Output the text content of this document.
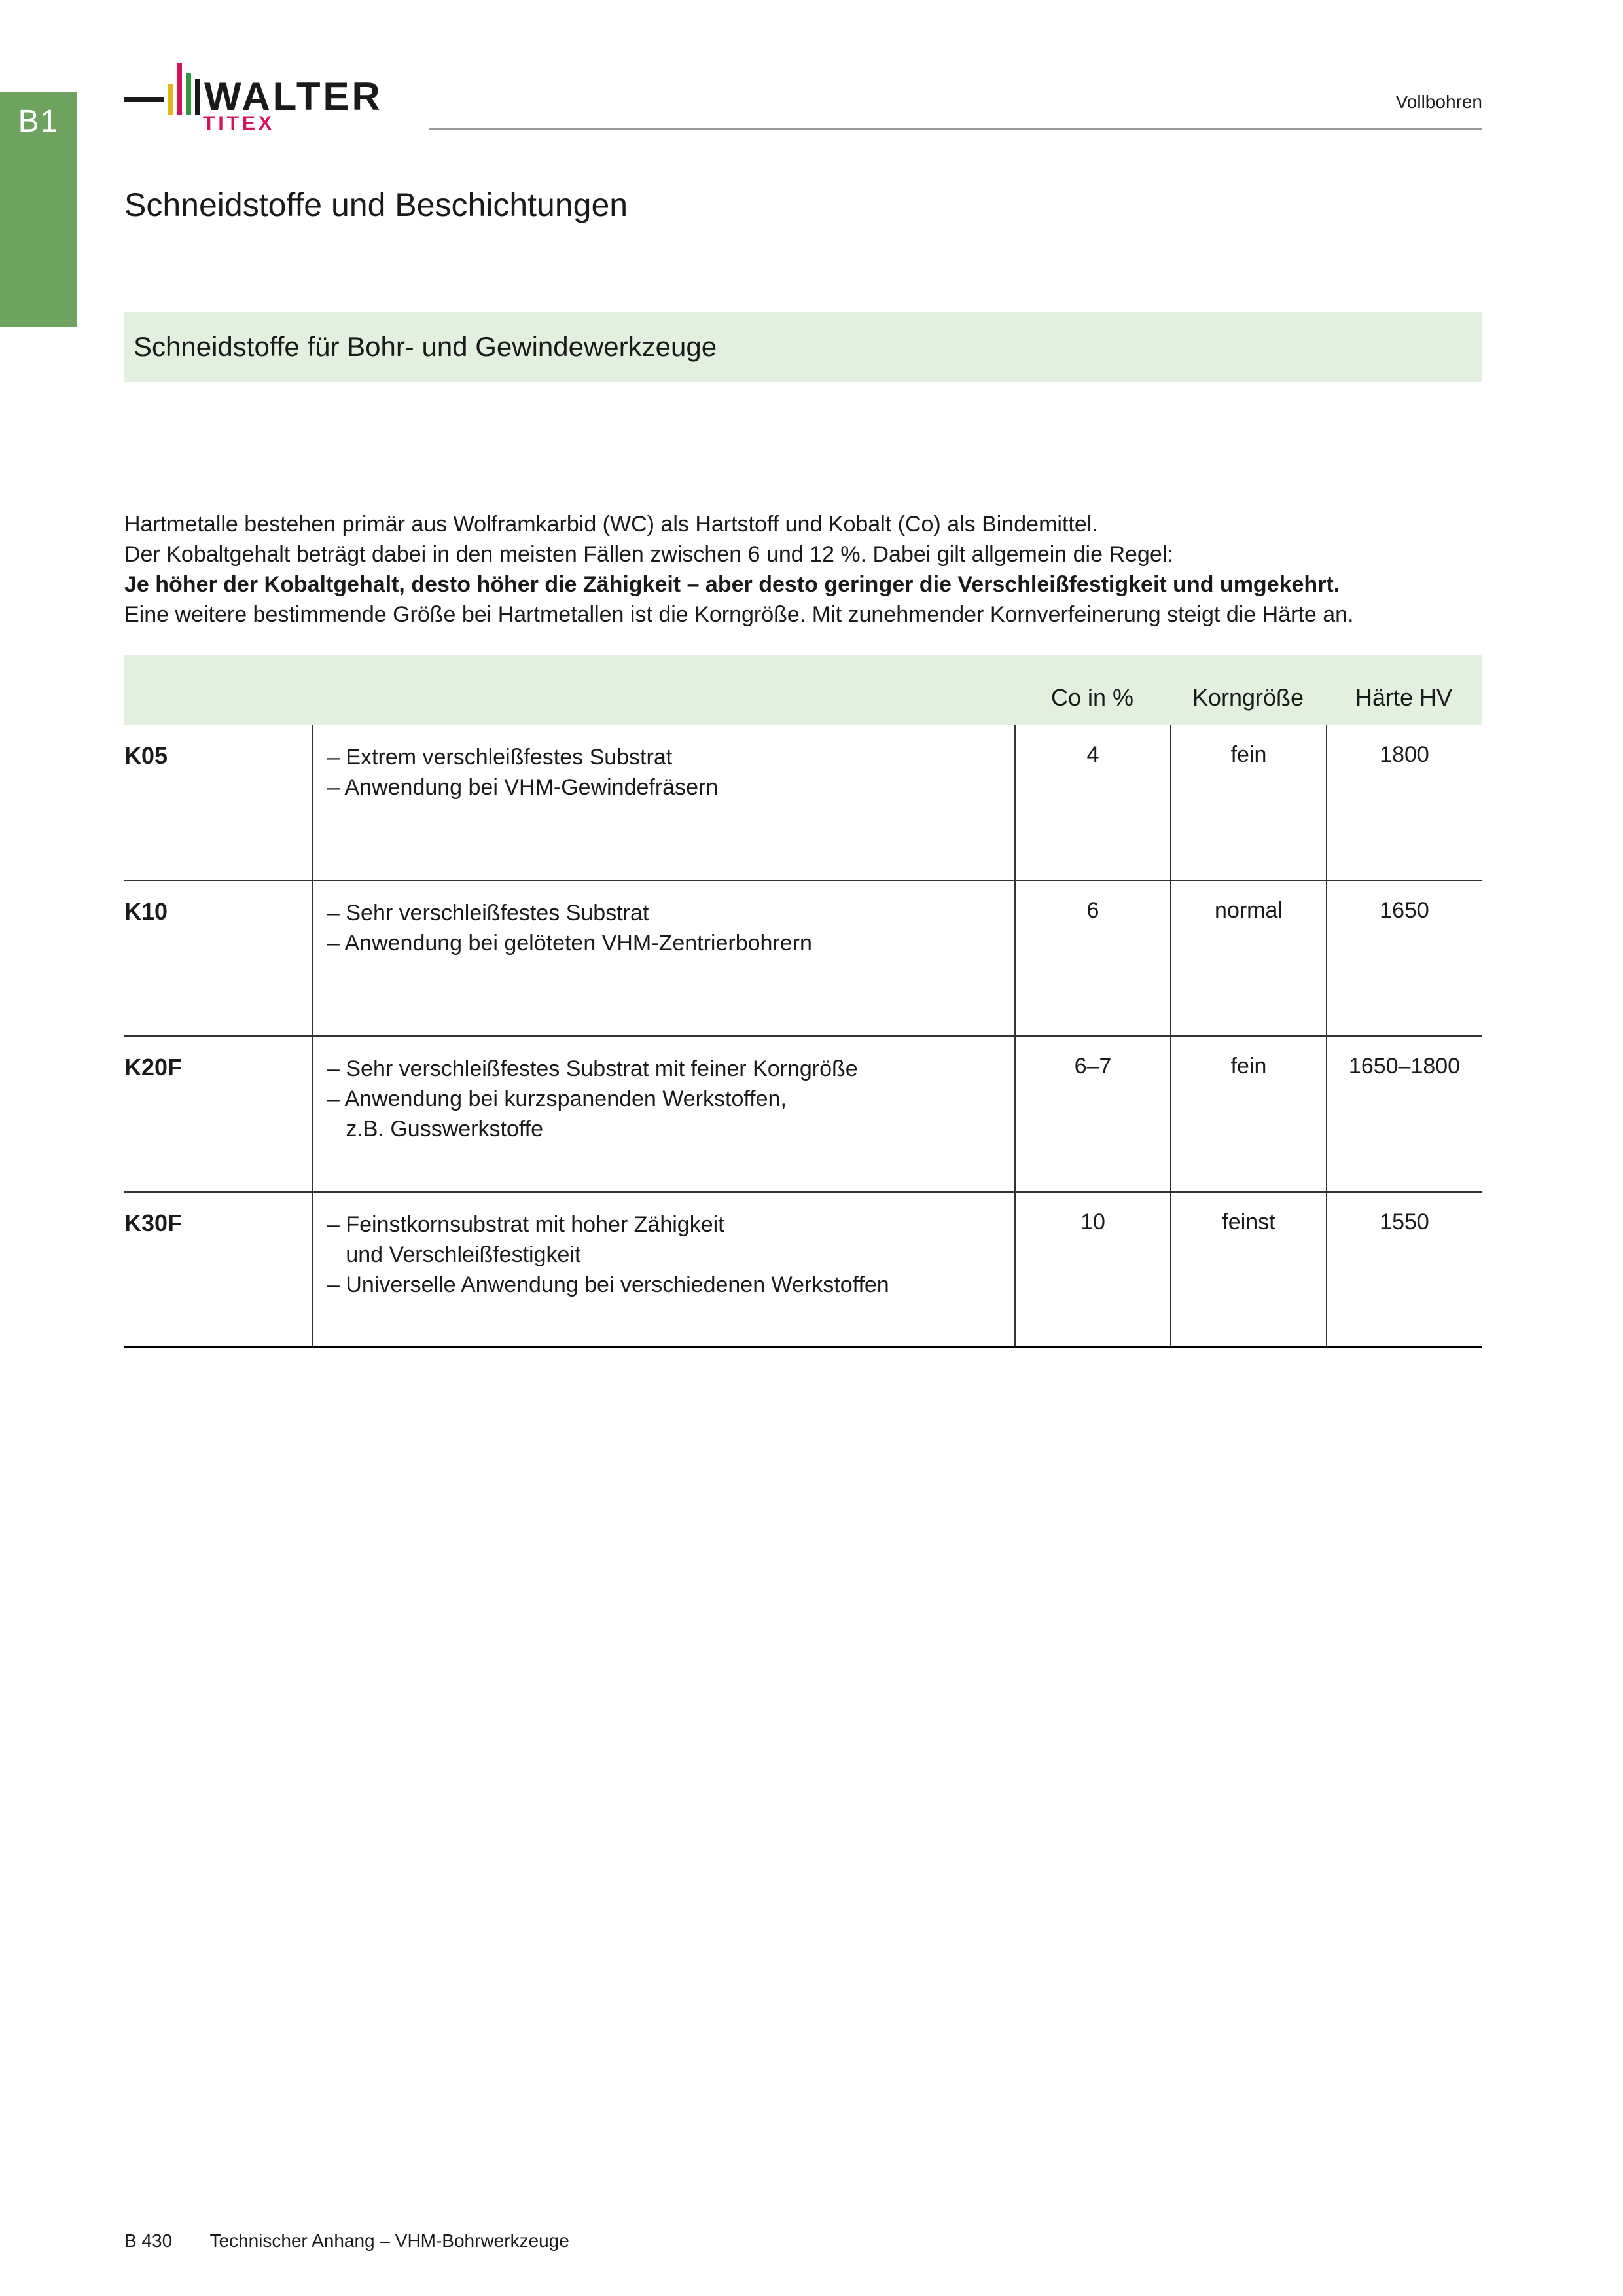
B1
WALTER
TITEX
Vollbohren
Schneidstoffe und Beschichtungen
Schneidstoffe für Bohr- und Gewindewerkzeuge

Hartmetalle bestehen primär aus Wolframkarbid (WC) als Hartstoff und Kobalt (Co) als Bindemittel.

Der Kobaltgehalt beträgt dabei in den meisten Fällen zwischen 6 und 12 %. Dabei gilt allgemein die Regel:

Je höher der Kobaltgehalt, desto höher die Zähigkeit – aber desto geringer die Verschleißfestigkeit und umgekehrt.

Eine weitere bestimmende Größe bei Hartmetallen ist die Korngröße. Mit zunehmender Kornverfeinerung steigt die Härte an.

Co in %	Korngröße	Härte HV
K05	– Extrem verschleißfestes Substrat
– Anwendung bei VHM-Gewindefräsern
4	fein	1800
K10	– Sehr verschleißfestes Substrat
– Anwendung bei gelöteten VHM-Zentrierbohrern
6	normal	1650
K20F	– Sehr verschleißfestes Substrat mit feiner Korngröße
– Anwendung bei kurzspanenden Werkstoffen,
z.B. Gusswerkstoffe
6–7	fein	1650–1800
K30F	– Feinstkornsubstrat mit hoher Zähigkeit
und Verschleißfestigkeit
– Universelle Anwendung bei verschiedenen Werkstoffen
10	feinst	1550
B 430 Technischer Anhang – VHM-Bohrwerkzeuge
